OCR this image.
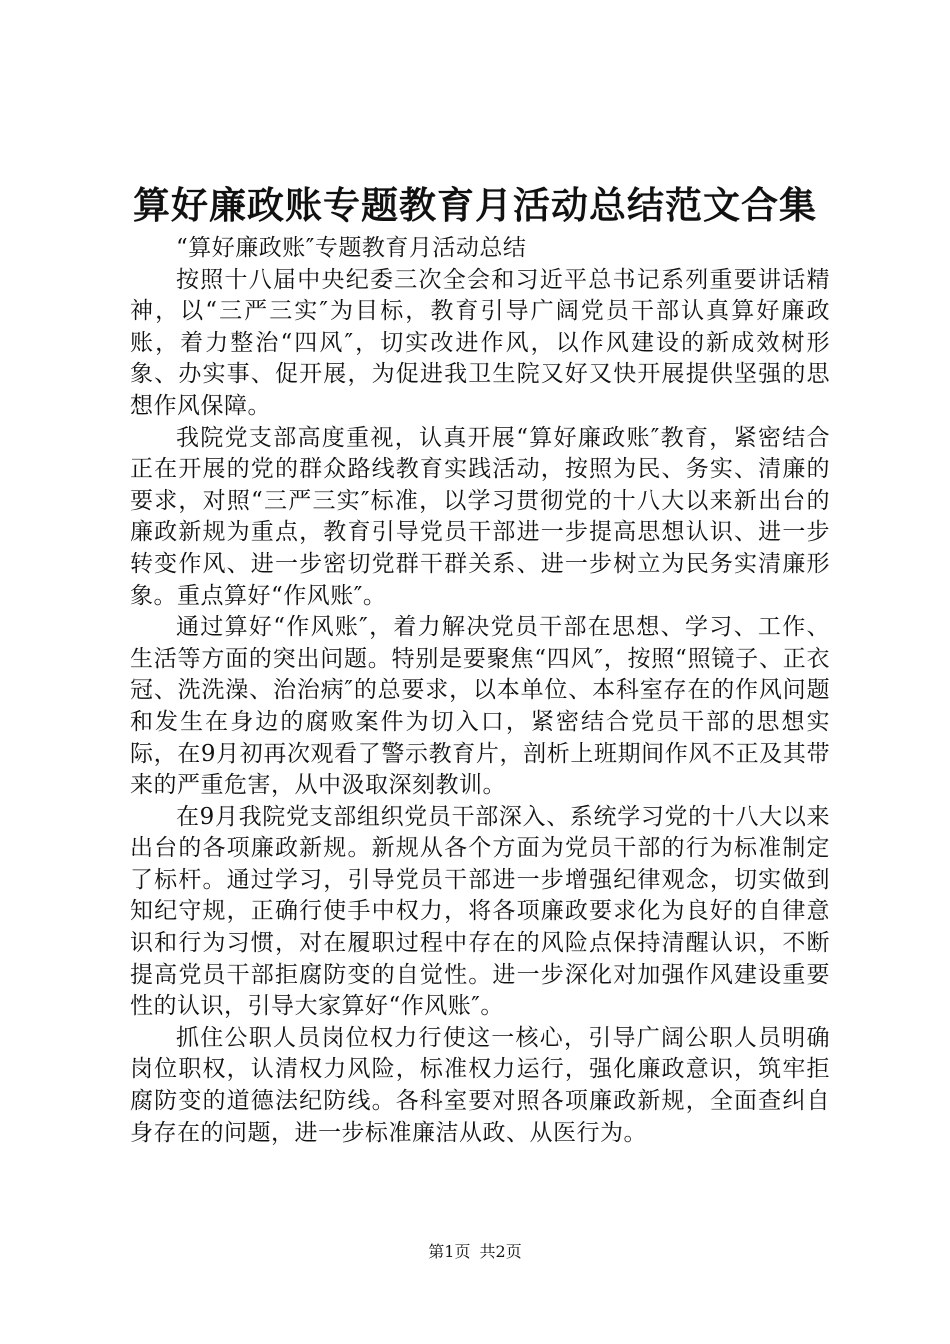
算好廉政账专题教育月活动总结范文合集

“算好廉政账″专题教育月活动总结

按照十八届中央纪委三次全会和习近平总书记系列重要讲话精神，以“三严三实″为目标，教育引导广阔党员干部认真算好廉政账，着力整治“四风″，切实改进作风，以作风建设的新成效树形象、办实事、促开展，为促进我卫生院又好又快开展提供坚强的思想作风保障。

我院党支部高度重视，认真开展“算好廉政账″教育，紧密结合正在开展的党的群众路线教育实践活动，按照为民、务实、清廉的要求，对照“三严三实″标准，以学习贯彻党的十八大以来新出台的廉政新规为重点，教育引导党员干部进一步提高思想认识、进一步转变作风、进一步密切党群干群关系、进一步树立为民务实清廉形象。重点算好“作风账″。

通过算好“作风账″，着力解决党员干部在思想、学习、工作、生活等方面的突出问题。特别是要聚焦“四风″，按照“照镜子、正衣冠、洗洗澡、治治病″的总要求，以本单位、本科室存在的作风问题和发生在身边的腐败案件为切入口，紧密结合党员干部的思想实际，在9月初再次观看了警示教育片，剖析上班期间作风不正及其带来的严重危害，从中汲取深刻教训。

在9月我院党支部组织党员干部深入、系统学习党的十八大以来出台的各项廉政新规。新规从各个方面为党员干部的行为标准制定了标杆。通过学习，引导党员干部进一步增强纪律观念，切实做到知纪守规，正确行使手中权力，将各项廉政要求化为良好的自律意识和行为习惯，对在履职过程中存在的风险点保持清醒认识，不断提高党员干部拒腐防变的自觉性。进一步深化对加强作风建设重要性的认识，引导大家算好“作风账″。

抓住公职人员岗位权力行使这一核心，引导广阔公职人员明确岗位职权，认清权力风险，标准权力运行，强化廉政意识，筑牢拒腐防变的道德法纪防线。各科室要对照各项廉政新规，全面查纠自身存在的问题，进一步标准廉洁从政、从医行为。

第1页 共2页
